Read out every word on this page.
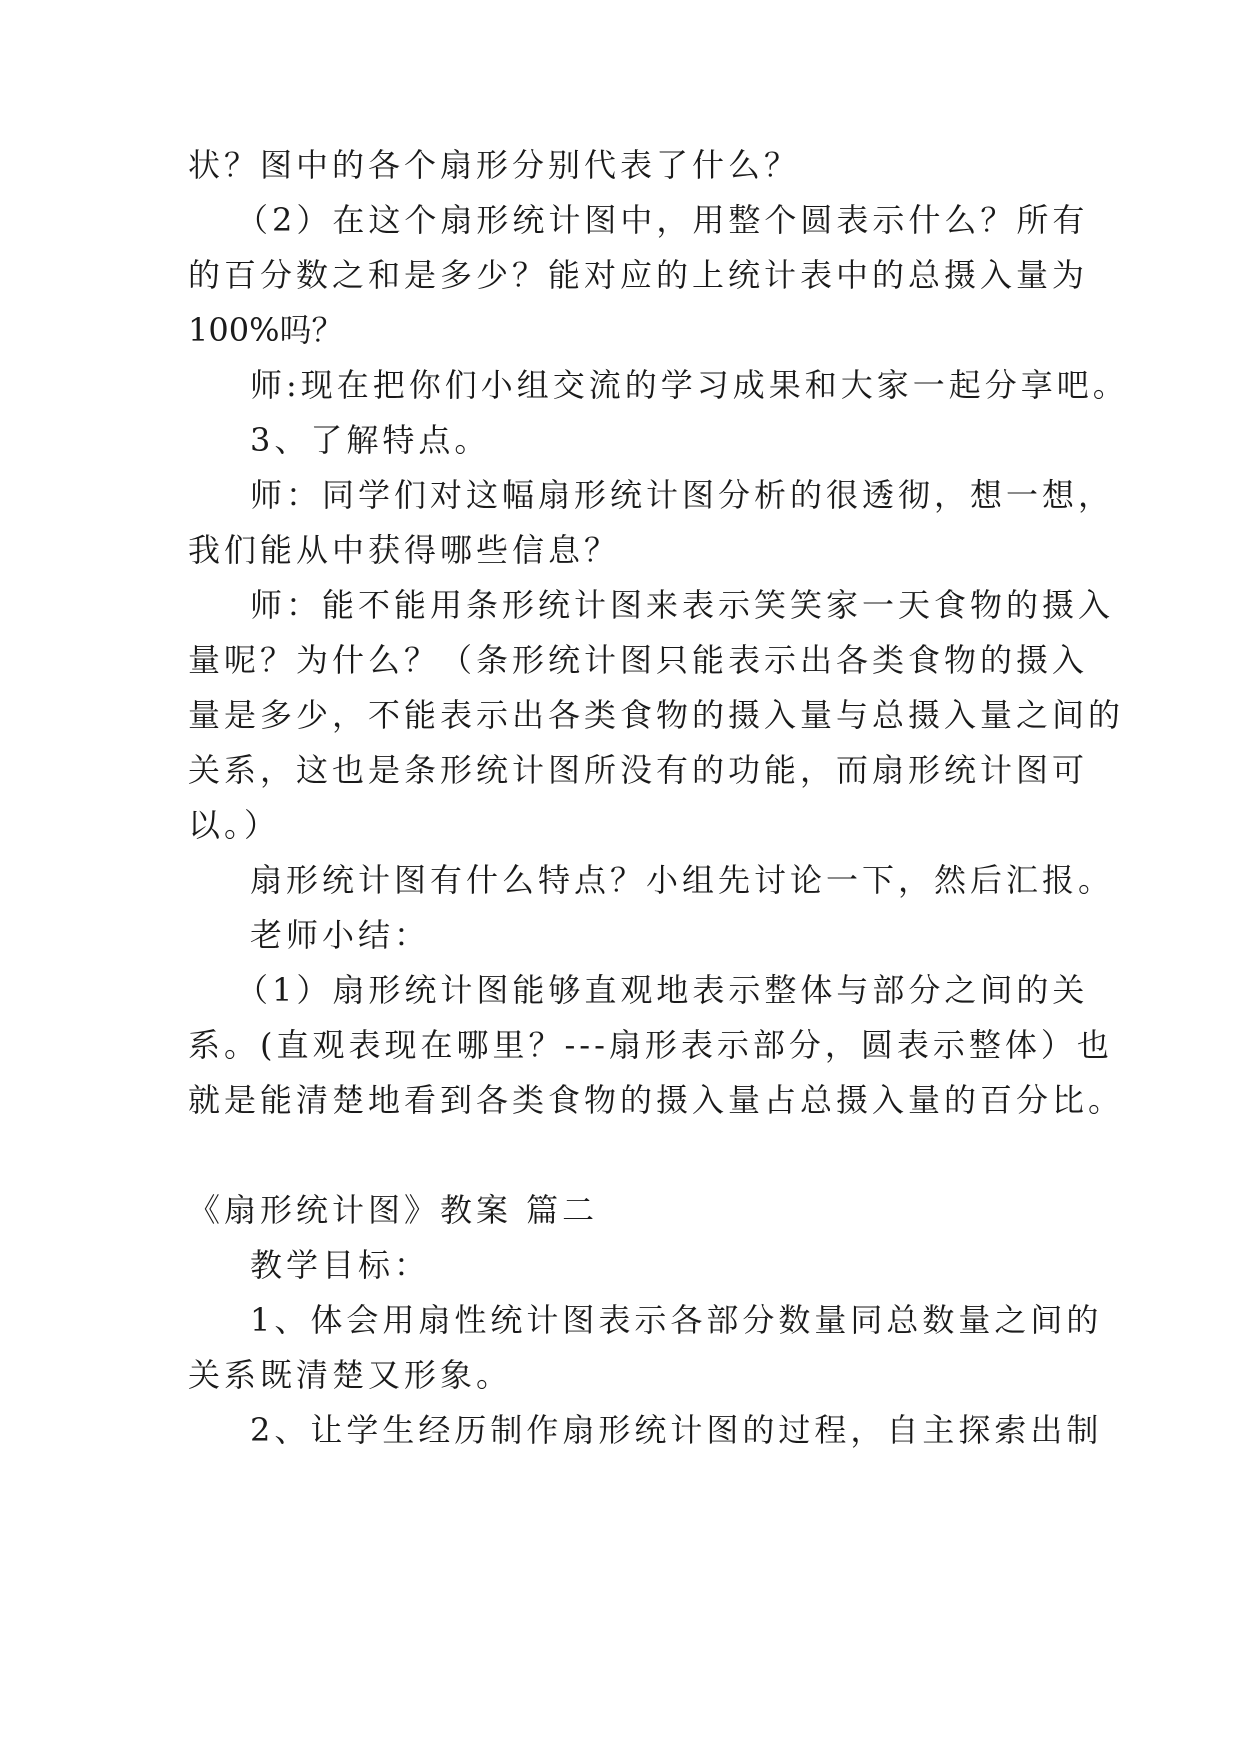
状？图中的各个扇形分别代表了什么？
（2）在这个扇形统计图中，用整个圆表示什么？所有
的百分数之和是多少？能对应的上统计表中的总摄入量为
100%吗？
师:现在把你们小组交流的学习成果和大家一起分享吧。
3、了解特点。
师：同学们对这幅扇形统计图分析的很透彻，想一想，
我们能从中获得哪些信息？
师：能不能用条形统计图来表示笑笑家一天食物的摄入
量呢？为什么？（条形统计图只能表示出各类食物的摄入
量是多少，不能表示出各类食物的摄入量与总摄入量之间的
关系，这也是条形统计图所没有的功能，而扇形统计图可
以。）
扇形统计图有什么特点？小组先讨论一下，然后汇报。
老师小结：
（1）扇形统计图能够直观地表示整体与部分之间的关
系。(直观表现在哪里？---扇形表示部分，圆表示整体）也
就是能清楚地看到各类食物的摄入量占总摄入量的百分比。
《扇形统计图》教案 篇二
教学目标：
1、体会用扇性统计图表示各部分数量同总数量之间的
关系既清楚又形象。
2、让学生经历制作扇形统计图的过程，自主探索出制
